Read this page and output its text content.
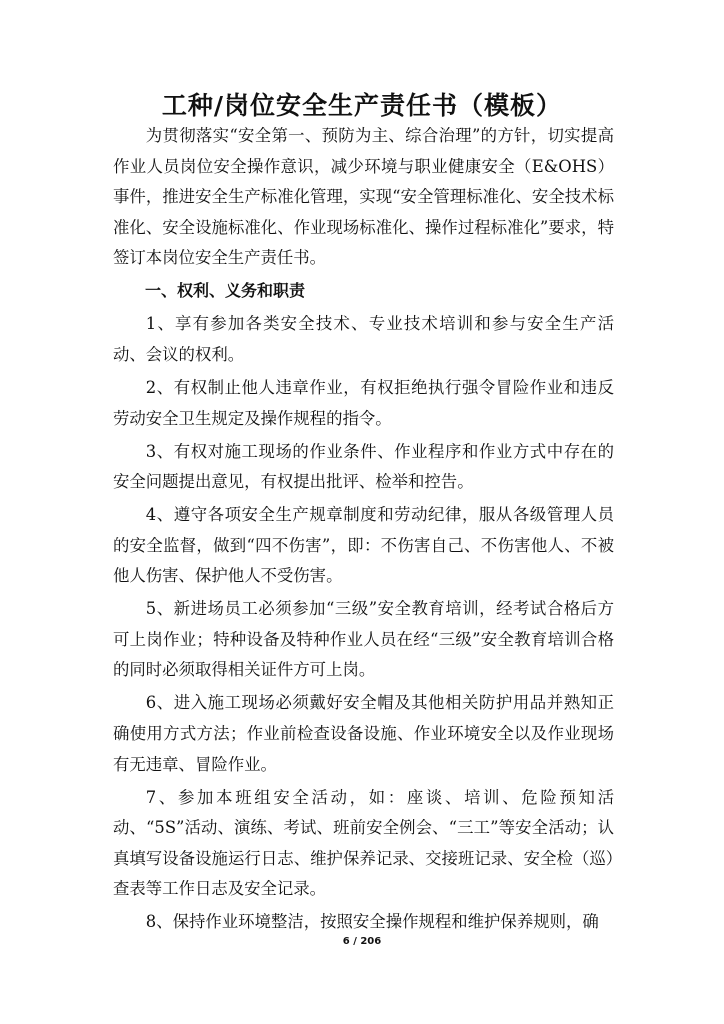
工种/岗位安全生产责任书（模板）

为贯彻落实“安全第一、预防为主、综合治理”的方针，切实提高作业人员岗位安全操作意识，减少环境与职业健康安全（E&OHS）事件，推进安全生产标准化管理，实现“安全管理标准化、安全技术标准化、安全设施标准化、作业现场标准化、操作过程标准化”要求，特签订本岗位安全生产责任书。

一、权利、义务和职责

1、享有参加各类安全技术、专业技术培训和参与安全生产活动、会议的权利。

2、有权制止他人违章作业，有权拒绝执行强令冒险作业和违反劳动安全卫生规定及操作规程的指令。

3、有权对施工现场的作业条件、作业程序和作业方式中存在的安全问题提出意见，有权提出批评、检举和控告。

4、遵守各项安全生产规章制度和劳动纪律，服从各级管理人员的安全监督，做到“四不伤害”，即：不伤害自己、不伤害他人、不被他人伤害、保护他人不受伤害。

5、新进场员工必须参加“三级”安全教育培训，经考试合格后方可上岗作业；特种设备及特种作业人员在经“三级”安全教育培训合格的同时必须取得相关证件方可上岗。

6、进入施工现场必须戴好安全帽及其他相关防护用品并熟知正确使用方式方法；作业前检查设备设施、作业环境安全以及作业现场有无违章、冒险作业。

7、参加本班组安全活动，如：座谈、培训、危险预知活动、“5S”活动、演练、考试、班前安全例会、“三工”等安全活动；认真填写设备设施运行日志、维护保养记录、交接班记录、安全检（巡）查表等工作日志及安全记录。

8、保持作业环境整洁，按照安全操作规程和维护保养规则，确

6 / 206
